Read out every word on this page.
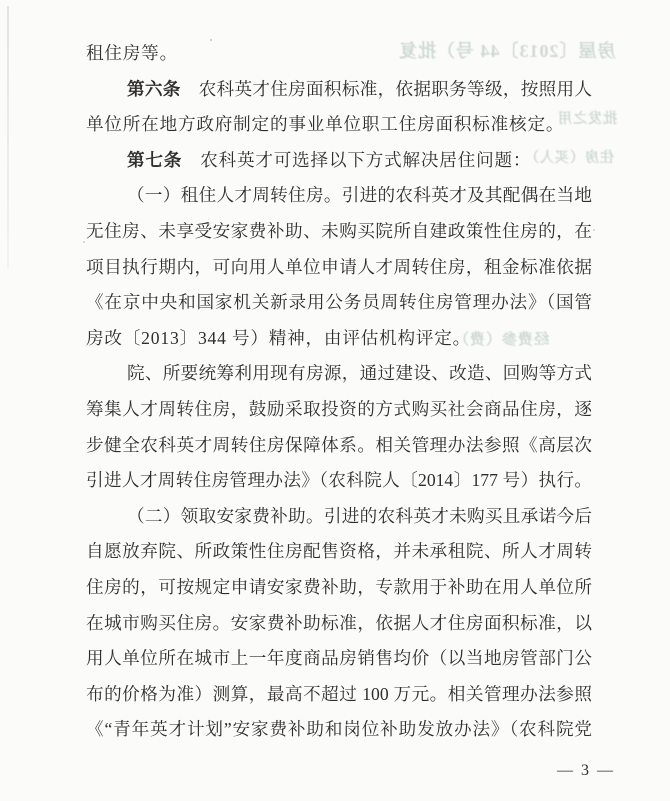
租住房等。
第六条 农科英才住房面积标准，依据职务等级，按照用人
单位所在地方政府制定的事业单位职工住房面积标准核定。
第七条 农科英才可选择以下方式解决居住问题：
（一）租住人才周转住房。引进的农科英才及其配偶在当地
无住房、未享受安家费补助、未购买院所自建政策性住房的，在
项目执行期内，可向用人单位申请人才周转住房，租金标准依据
《在京中央和国家机关新录用公务员周转住房管理办法》（国管
房改〔2013〕344 号）精神，由评估机构评定。
院、所要统筹利用现有房源，通过建设、改造、回购等方式
筹集人才周转住房，鼓励采取投资的方式购买社会商品住房，逐
步健全农科英才周转住房保障体系。相关管理办法参照《高层次
引进人才周转住房管理办法》（农科院人〔2014〕177 号）执行。
（二）领取安家费补助。引进的农科英才未购买且承诺今后
自愿放弃院、所政策性住房配售资格，并未承租院、所人才周转
住房的，可按规定申请安家费补助，专款用于补助在用人单位所
在城市购买住房。安家费补助标准，依据人才住房面积标准，以
用人单位所在城市上一年度商品房销售均价（以当地房管部门公
布的价格为准）测算，最高不超过 100 万元。相关管理办法参照
《“青年英才计划”安家费补助和岗位补助发放办法》（农科院党
— 3 —
房屋〔2013〕44 号）批复
批发之用
住房（买人）
经费参（费）
